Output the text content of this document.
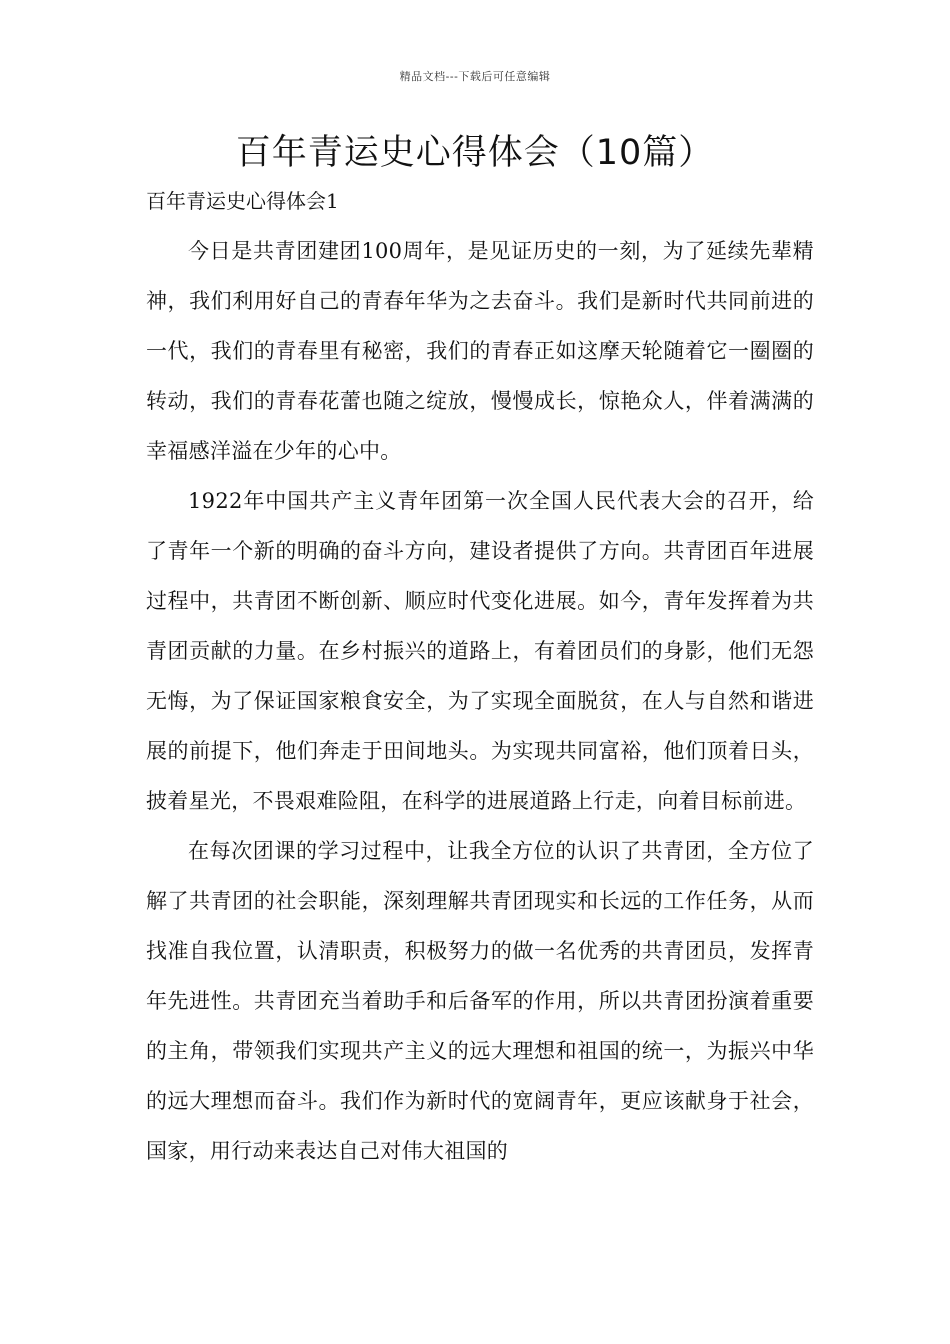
精品文档---下载后可任意编辑
百年青运史心得体会（10篇）
百年青运史心得体会1

今日是共青团建团100周年，是见证历史的一刻，为了延续先辈精神，我们利用好自己的青春年华为之去奋斗。我们是新时代共同前进的一代，我们的青春里有秘密，我们的青春正如这摩天轮随着它一圈圈的转动，我们的青春花蕾也随之绽放，慢慢成长，惊艳众人，伴着满满的幸福感洋溢在少年的心中。

1922年中国共产主义青年团第一次全国人民代表大会的召开，给了青年一个新的明确的奋斗方向，建设者提供了方向。共青团百年进展过程中，共青团不断创新、顺应时代变化进展。如今，青年发挥着为共青团贡献的力量。在乡村振兴的道路上，有着团员们的身影，他们无怨无悔，为了保证国家粮食安全，为了实现全面脱贫，在人与自然和谐进展的前提下，他们奔走于田间地头。为实现共同富裕，他们顶着日头，披着星光，不畏艰难险阻，在科学的进展道路上行走，向着目标前进。

在每次团课的学习过程中，让我全方位的认识了共青团，全方位了解了共青团的社会职能，深刻理解共青团现实和长远的工作任务，从而找准自我位置，认清职责，积极努力的做一名优秀的共青团员，发挥青年先进性。共青团充当着助手和后备军的作用，所以共青团扮演着重要的主角，带领我们实现共产主义的远大理想和祖国的统一，为振兴中华的远大理想而奋斗。我们作为新时代的宽阔青年，更应该献身于社会，国家，用行动来表达自己对伟大祖国的
